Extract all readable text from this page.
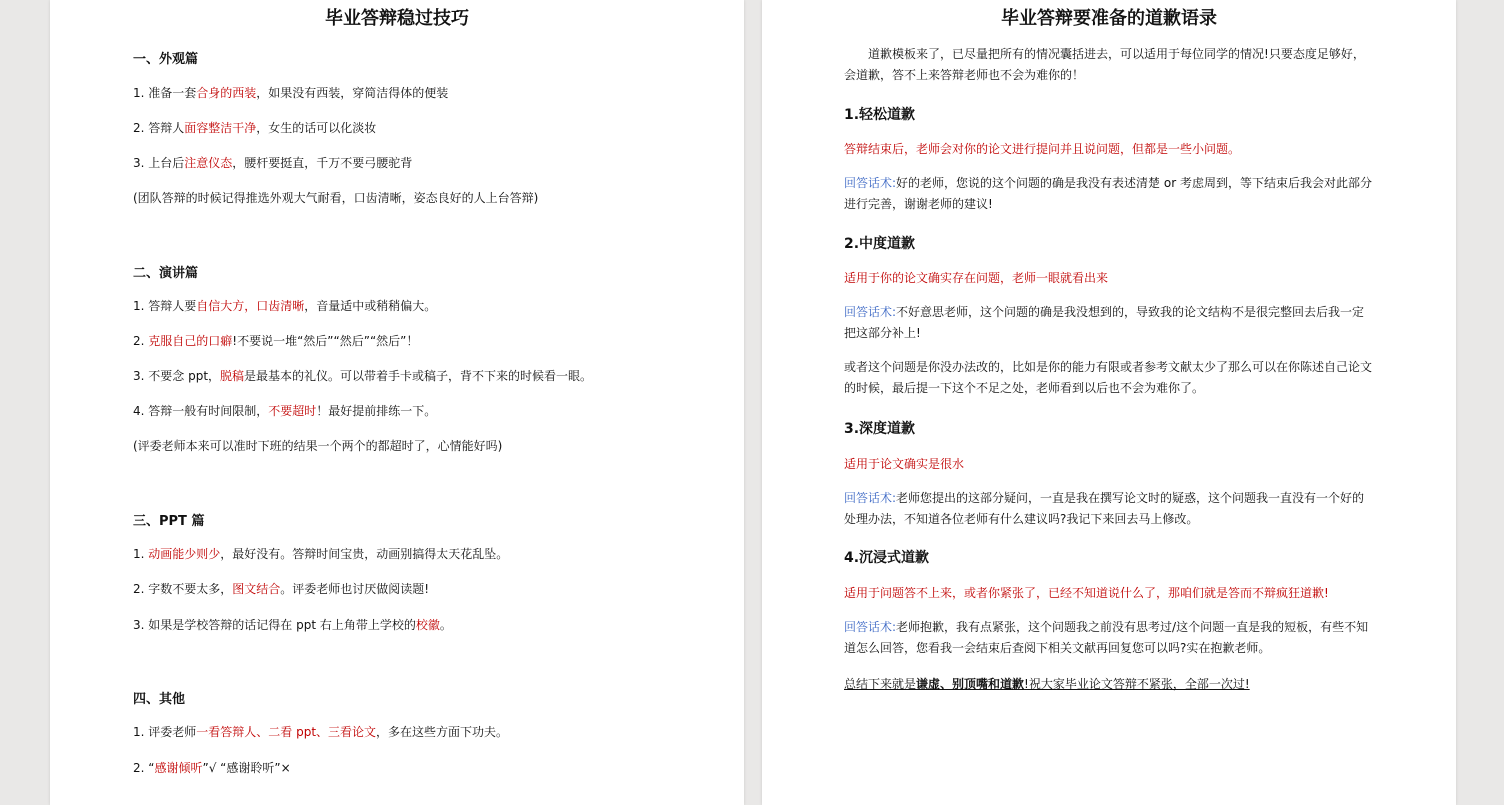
毕业答辩稳过技巧
一、外观篇
1. 准备一套合身的西装，如果没有西装，穿简洁得体的便装
2. 答辩人面容整洁干净，女生的话可以化淡妆
3. 上台后注意仪态，腰杆要挺直，千万不要弓腰驼背
(团队答辩的时候记得推选外观大气耐看，口齿清晰，姿态良好的人上台答辩)
二、演讲篇
1. 答辩人要自信大方，口齿清晰，音量适中或稍稍偏大。
2. 克服自己的口癖!不要说一堆“然后”“然后”“然后”！
3. 不要念 ppt，脱稿是最基本的礼仪。可以带着手卡或稿子，背不下来的时候看一眼。
4. 答辩一般有时间限制，不要超时！最好提前排练一下。
(评委老师本来可以准时下班的结果一个两个的都超时了，心情能好吗)
三、PPT 篇
1. 动画能少则少，最好没有。答辩时间宝贵，动画别搞得太天花乱坠。
2. 字数不要太多，图文结合。评委老师也讨厌做阅读题!
3. 如果是学校答辩的话记得在 ppt 右上角带上学校的校徽。
四、其他
1. 评委老师一看答辩人、二看 ppt、三看论文，多在这些方面下功夫。
2. “感谢倾听”√ “感谢聆听”×
毕业答辩要准备的道歉语录
道歉模板来了，已尽量把所有的情况囊括进去，可以适用于每位同学的情况!只要态度足够好，会道歉，答不上来答辩老师也不会为难你的！
1.轻松道歉
答辩结束后，老师会对你的论文进行提问并且说问题，但都是一些小问题。
回答话术:好的老师，您说的这个问题的确是我没有表述清楚 or 考虑周到，等下结束后我会对此部分进行完善，谢谢老师的建议!
2.中度道歉
适用于你的论文确实存在问题，老师一眼就看出来
回答话术:不好意思老师，这个问题的确是我没想到的，导致我的论文结构不是很完整回去后我一定把这部分补上!
或者这个问题是你没办法改的，比如是你的能力有限或者参考文献太少了那么可以在你陈述自己论文的时候，最后提一下这个不足之处，老师看到以后也不会为难你了。
3.深度道歉
适用于论文确实是很水
回答话术:老师您提出的这部分疑问，一直是我在撰写论文时的疑惑，这个问题我一直没有一个好的处理办法，不知道各位老师有什么建议吗?我记下来回去马上修改。
4.沉浸式道歉
适用于问题答不上来，或者你紧张了，已经不知道说什么了，那咱们就是答而不辩疯狂道歉!
回答话术:老师抱歉，我有点紧张，这个问题我之前没有思考过/这个问题一直是我的短板，有些不知道怎么回答，您看我一会结束后查阅下相关文献再回复您可以吗?实在抱歉老师。
总结下来就是谦虚、别顶嘴和道歉!祝大家毕业论文答辩不紧张，全部一次过!
